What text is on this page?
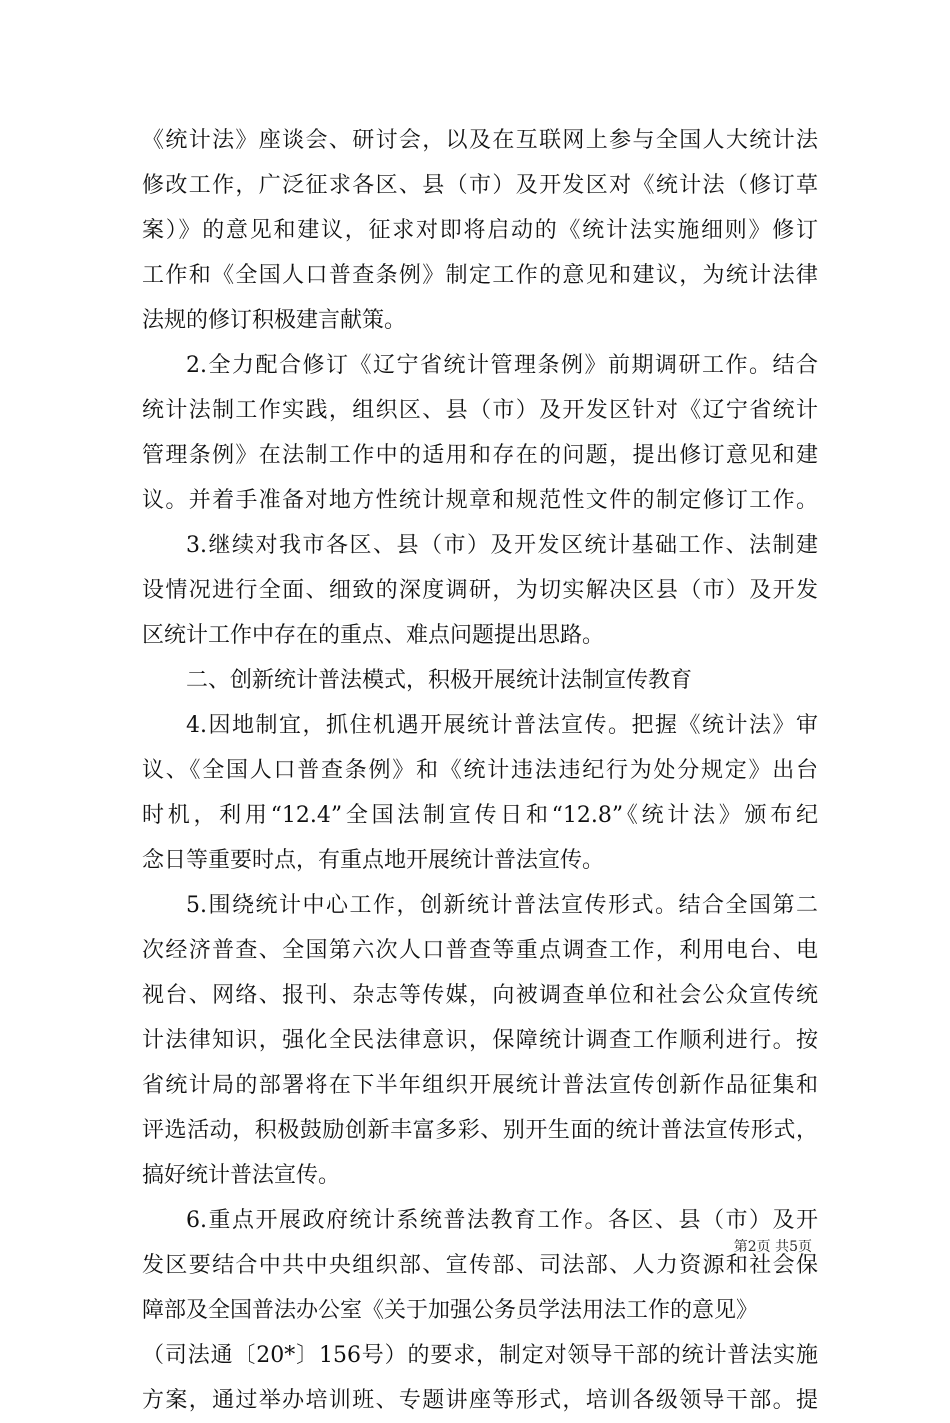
《统计法》座谈会、研讨会，以及在互联网上参与全国人大统计法
修改工作，广泛征求各区、县（市）及开发区对《统计法（修订草
案）》的意见和建议，征求对即将启动的《统计法实施细则》修订
工作和《全国人口普查条例》制定工作的意见和建议，为统计法律
法规的修订积极建言献策。
2.全力配合修订《辽宁省统计管理条例》前期调研工作。结合
统计法制工作实践，组织区、县（市）及开发区针对《辽宁省统计
管理条例》在法制工作中的适用和存在的问题，提出修订意见和建
议。并着手准备对地方性统计规章和规范性文件的制定修订工作。
3.继续对我市各区、县（市）及开发区统计基础工作、法制建
设情况进行全面、细致的深度调研，为切实解决区县（市）及开发
区统计工作中存在的重点、难点问题提出思路。
二、创新统计普法模式，积极开展统计法制宣传教育
4.因地制宜，抓住机遇开展统计普法宣传。把握《统计法》审
议、《全国人口普查条例》和《统计违法违纪行为处分规定》出台
时机，利用“12.4”全国法制宣传日和“12.8”《统计法》颁布纪
念日等重要时点，有重点地开展统计普法宣传。
5.围绕统计中心工作，创新统计普法宣传形式。结合全国第二
次经济普查、全国第六次人口普查等重点调查工作，利用电台、电
视台、网络、报刊、杂志等传媒，向被调查单位和社会公众宣传统
计法律知识，强化全民法律意识，保障统计调查工作顺利进行。按
省统计局的部署将在下半年组织开展统计普法宣传创新作品征集和
评选活动，积极鼓励创新丰富多彩、别开生面的统计普法宣传形式，
搞好统计普法宣传。
6.重点开展政府统计系统普法教育工作。各区、县（市）及开
发区要结合中共中央组织部、宣传部、司法部、人力资源和社会保
障部及全国普法办公室《关于加强公务员学法用法工作的意见》
（司法通〔20*〕156号）的要求，制定对领导干部的统计普法实施
方案，通过举办培训班、专题讲座等形式，培训各级领导干部。提
第2页 共5页
